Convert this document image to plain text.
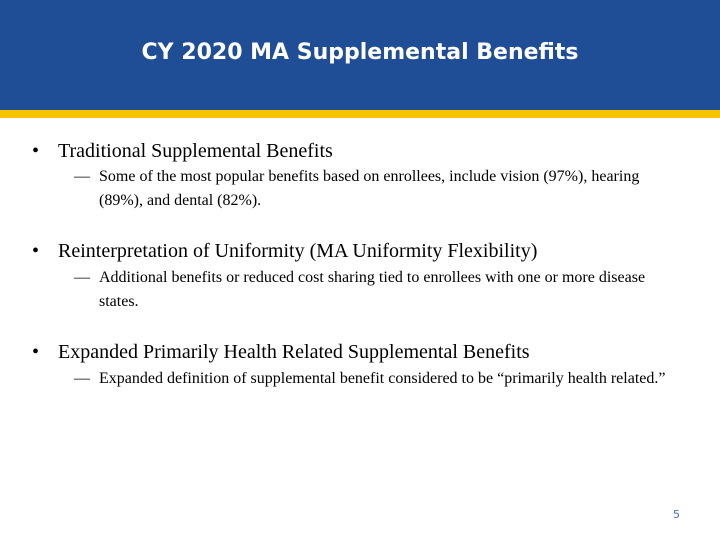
CY 2020 MA Supplemental Benefits
• Traditional Supplemental Benefits
— Some of the most popular benefits based on enrollees, include vision (97%), hearing (89%), and dental (82%).
• Reinterpretation of Uniformity (MA Uniformity Flexibility)
— Additional benefits or reduced cost sharing tied to enrollees with one or more disease states.
• Expanded Primarily Health Related Supplemental Benefits
— Expanded definition of supplemental benefit considered to be “primarily health related.”
5
